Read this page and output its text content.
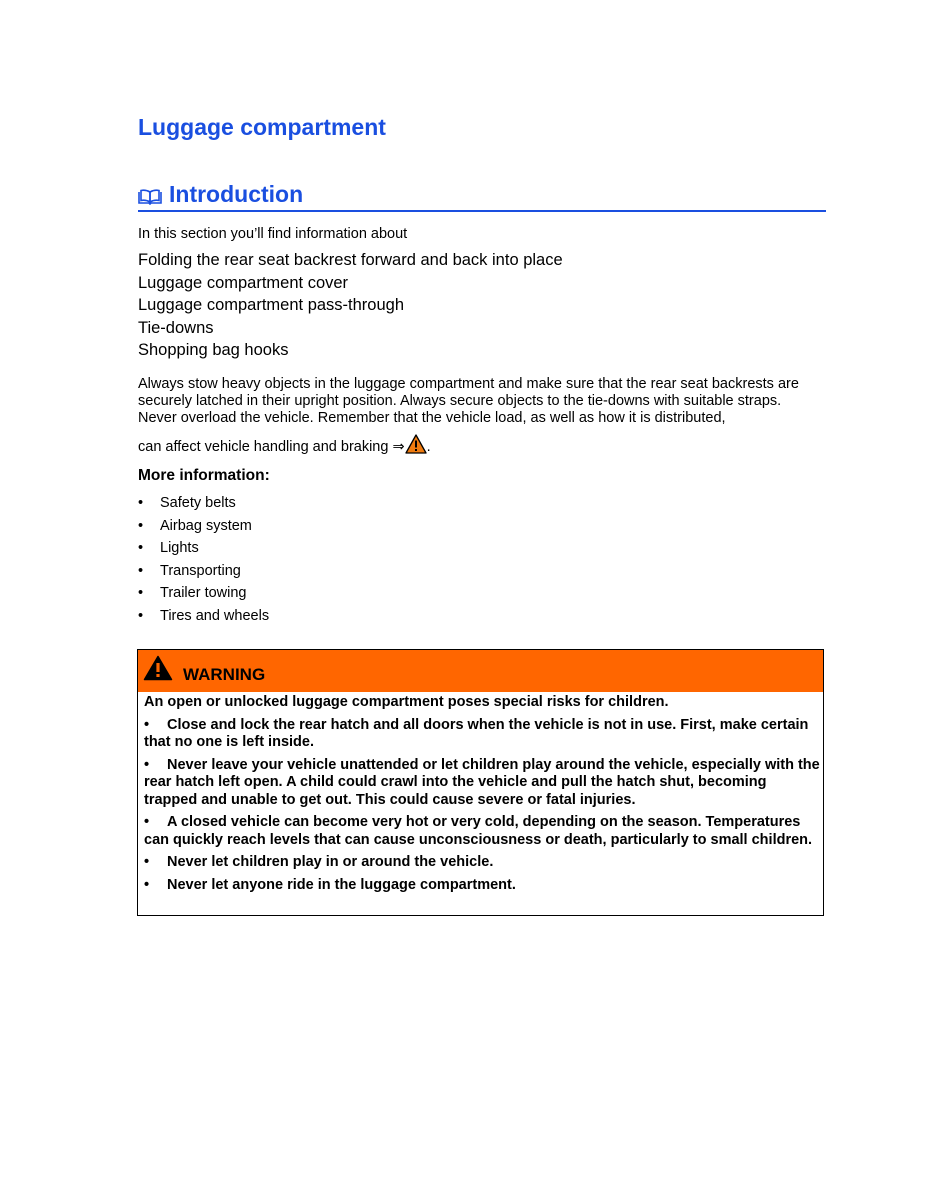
Luggage compartment
Introduction

In this section you’ll find information about

Folding the rear seat backrest forward and back into place
Luggage compartment cover
Luggage compartment pass-through
Tie-downs
Shopping bag hooks

Always stow heavy objects in the luggage compartment and make sure that the rear seat backrests are securely latched in their upright position. Always secure objects to the tie-downs with suitable straps. Never overload the vehicle. Remember that the vehicle load, as well as how it is distributed,
can affect vehicle handling and braking ⇒ .

More information:
• Safety belts
• Airbag system
• Lights
• Transporting
• Trailer towing
• Tires and wheels
WARNING

An open or unlocked luggage compartment poses special risks for children.

• Close and lock the rear hatch and all doors when the vehicle is not in use. First, make certain that no one is left inside.

• Never leave your vehicle unattended or let children play around the vehicle, especially with the rear hatch left open. A child could crawl into the vehicle and pull the hatch shut, becoming trapped and unable to get out. This could cause severe or fatal injuries.

• A closed vehicle can become very hot or very cold, depending on the season. Temperatures can quickly reach levels that can cause unconsciousness or death, particularly to small children.

• Never let children play in or around the vehicle.

• Never let anyone ride in the luggage compartment.
